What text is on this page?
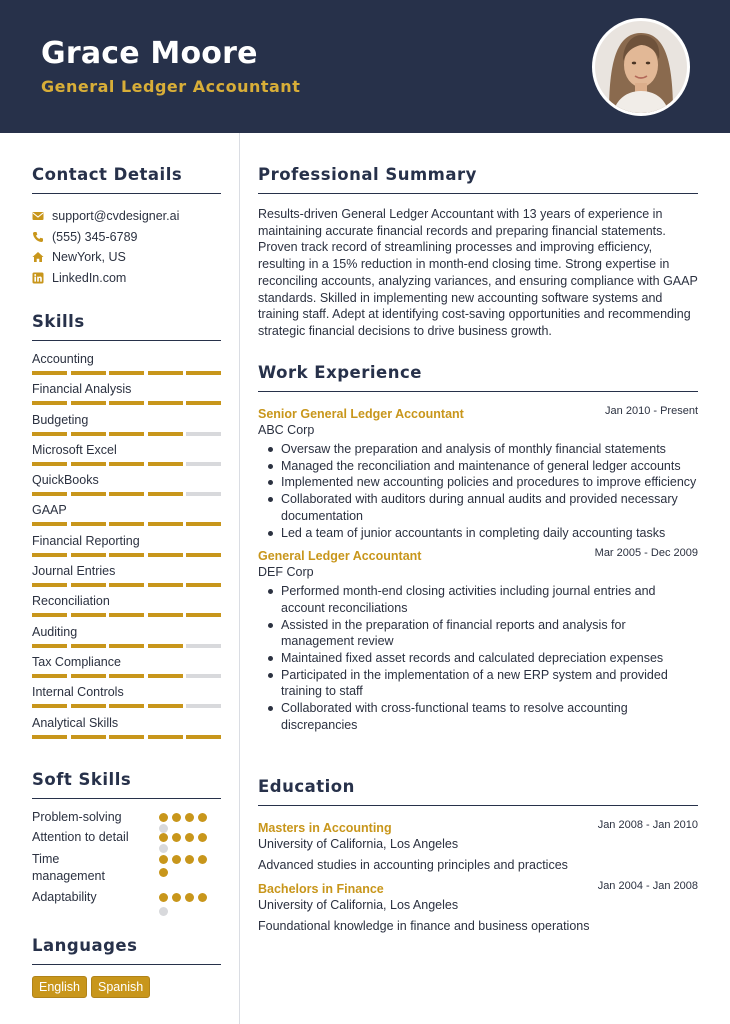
Grace Moore
General Ledger Accountant
Contact Details
support@cvdesigner.ai
(555) 345-6789
NewYork, US
LinkedIn.com
Skills
Accounting
Financial Analysis
Budgeting
Microsoft Excel
QuickBooks
GAAP
Financial Reporting
Journal Entries
Reconciliation
Auditing
Tax Compliance
Internal Controls
Analytical Skills
Soft Skills
Problem-solving
Attention to detail
Time management
Adaptability
Languages
English Spanish
Professional Summary
Results-driven General Ledger Accountant with 13 years of experience in maintaining accurate financial records and preparing financial statements. Proven track record of streamlining processes and improving efficiency, resulting in a 15% reduction in month-end closing time. Strong expertise in reconciling accounts, analyzing variances, and ensuring compliance with GAAP standards. Skilled in implementing new accounting software systems and training staff. Adept at identifying cost-saving opportunities and recommending strategic financial decisions to drive business growth.
Work Experience
Senior General Ledger Accountant	Jan 2010 - Present
ABC Corp
Oversaw the preparation and analysis of monthly financial statements
Managed the reconciliation and maintenance of general ledger accounts
Implemented new accounting policies and procedures to improve efficiency
Collaborated with auditors during annual audits and provided necessary documentation
Led a team of junior accountants in completing daily accounting tasks
General Ledger Accountant	Mar 2005 - Dec 2009
DEF Corp
Performed month-end closing activities including journal entries and account reconciliations
Assisted in the preparation of financial reports and analysis for management review
Maintained fixed asset records and calculated depreciation expenses
Participated in the implementation of a new ERP system and provided training to staff
Collaborated with cross-functional teams to resolve accounting discrepancies
Education
Masters in Accounting	Jan 2008 - Jan 2010
University of California, Los Angeles
Advanced studies in accounting principles and practices
Bachelors in Finance	Jan 2004 - Jan 2008
University of California, Los Angeles
Foundational knowledge in finance and business operations
